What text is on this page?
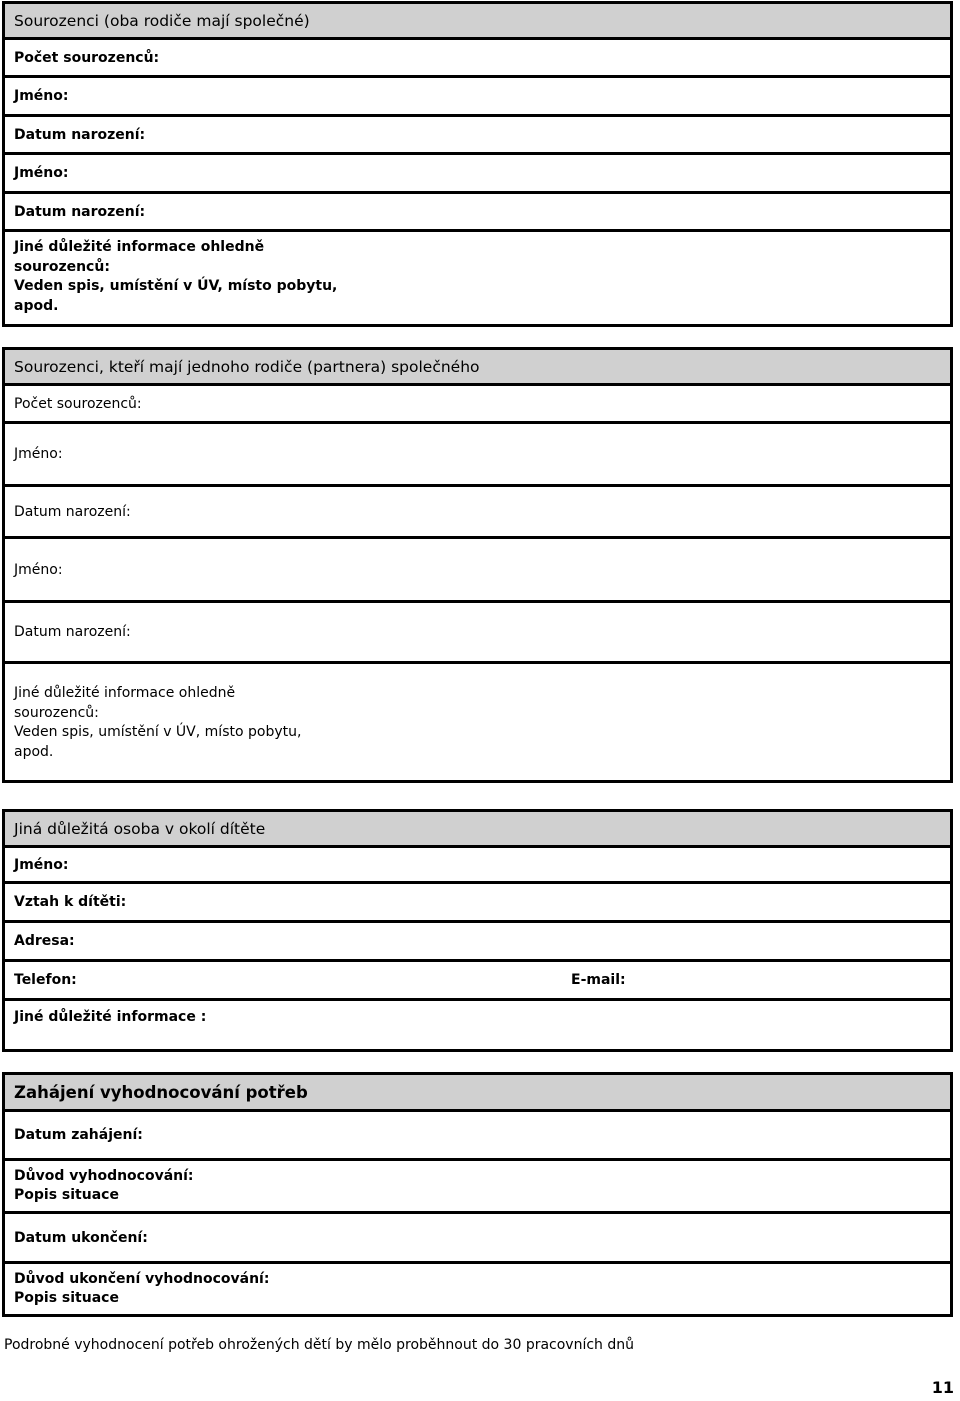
Sourozenci (oba rodiče mají společné)
Počet sourozenců:
Jméno:
Datum narození:
Jméno:
Datum narození:
Jiné důležité informace ohledně
sourozenců:
Veden spis, umístění v ÚV, místo pobytu,
apod.
Sourozenci, kteří mají jednoho rodiče (partnera) společného
Počet sourozenců:
Jméno:
Datum narození:
Jméno:
Datum narození:
Jiné důležité informace ohledně
sourozenců:
Veden spis, umístění v ÚV, místo pobytu,
apod.
Jiná důležitá osoba v okolí dítěte
Jméno:
Vztah k dítěti:
Adresa:
Telefon:	E-mail:
Jiné důležité informace :
Zahájení vyhodnocování potřeb
Datum zahájení:
Důvod vyhodnocování:
Popis situace
Datum ukončení:
Důvod ukončení vyhodnocování:
Popis situace
Podrobné vyhodnocení potřeb ohrožených dětí by mělo proběhnout do 30 pracovních dnů
11
